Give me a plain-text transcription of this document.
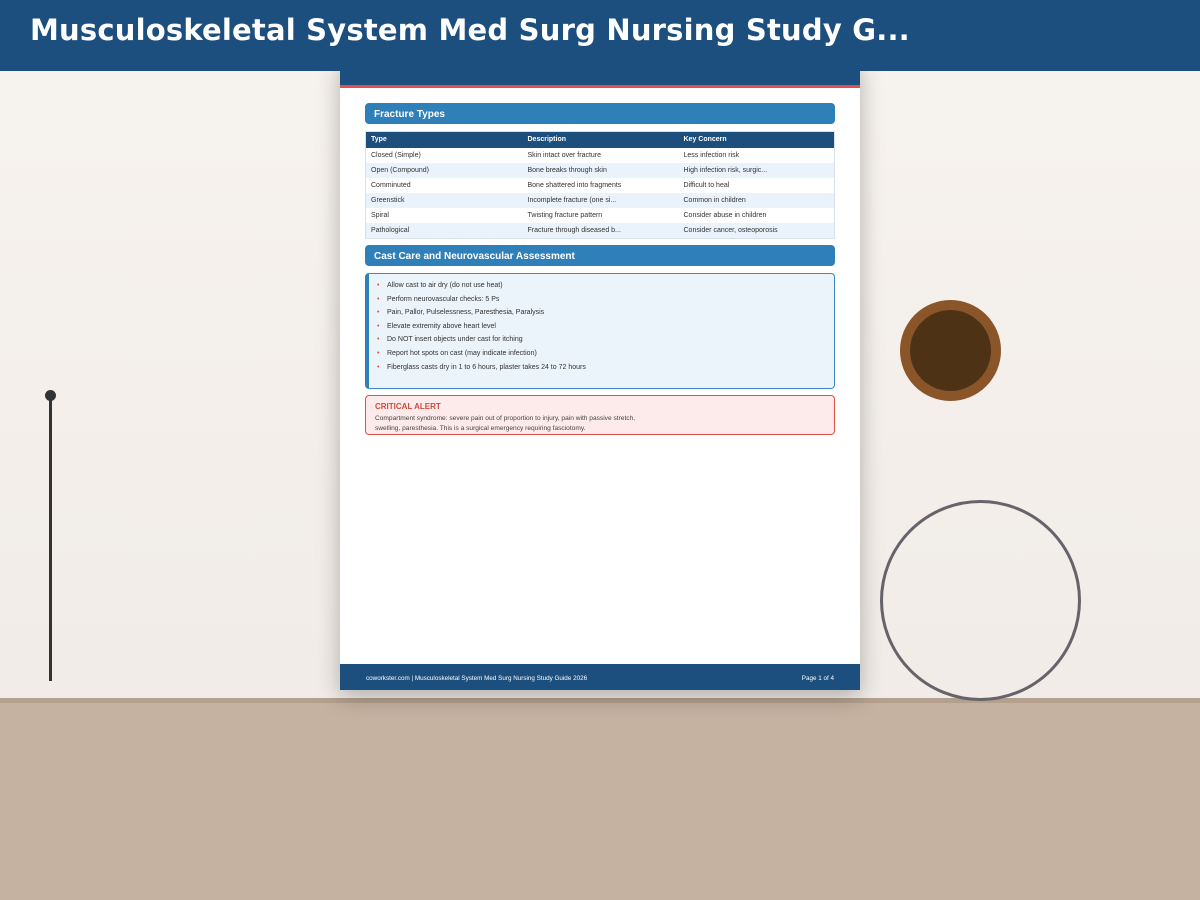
Fracture Types
Type	Description	Key Concern
Closed (Simple)	Skin intact over fracture	Less infection risk
Open (Compound)	Bone breaks through skin	High infection risk, surgic...
Comminuted	Bone shattered into fragments	Difficult to heal
Greenstick	Incomplete fracture (one si...	Common in children
Spiral	Twisting fracture pattern	Consider abuse in children
Pathological	Fracture through diseased b...	Consider cancer, osteoporosis
Cast Care and Neurovascular Assessment
• Allow cast to air dry (do not use heat)
• Perform neurovascular checks: 5 Ps
• Pain, Pallor, Pulselessness, Paresthesia, Paralysis
• Elevate extremity above heart level
• Do NOT insert objects under cast for itching
• Report hot spots on cast (may indicate infection)
• Fiberglass casts dry in 1 to 6 hours, plaster takes 24 to 72 hours
CRITICAL ALERT
Compartment syndrome: severe pain out of proportion to injury, pain with passive stretch, swelling, paresthesia. This is a surgical emergency requiring fasciotomy.
coworkster.com | Musculoskeletal System Med Surg Nursing Study Guide 2026	Page 1 of 4
Musculoskeletal System Med Surg Nursing Study G...
